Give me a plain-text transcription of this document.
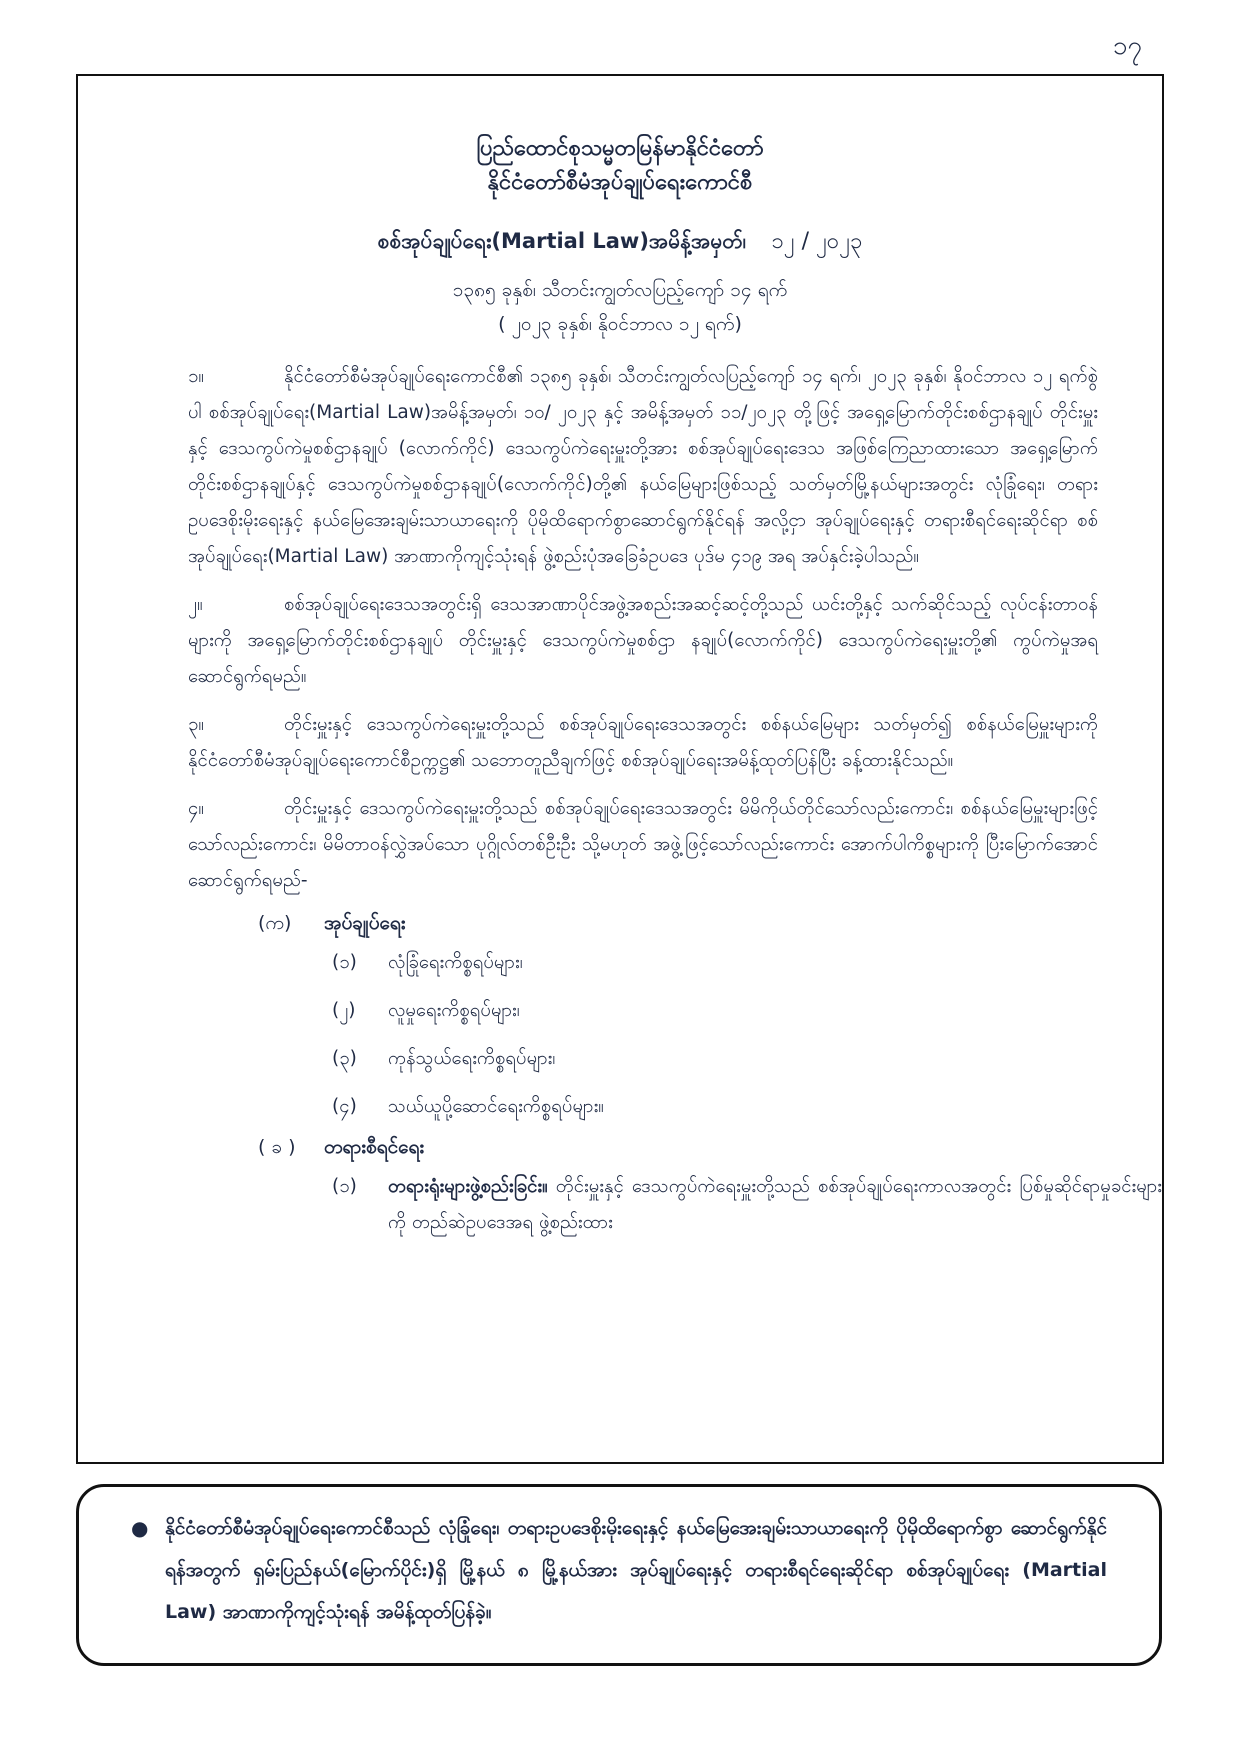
၁၇
ပြည်ထောင်စုသမ္မတမြန်မာနိုင်ငံတော်
နိုင်ငံတော်စီမံအုပ်ချုပ်ရေးကောင်စီ
စစ်အုပ်ချုပ်ရေး(Martial Law)အမိန့်အမှတ်၊ ၁၂ / ၂၀၂၃
၁၃၈၅ ခုနှစ်၊ သီတင်းကျွတ်လပြည့်ကျော် ၁၄ ရက်
( ၂၀၂၃ ခုနှစ်၊ နိုဝင်ဘာလ ၁၂ ရက်)

၁။	နိုင်ငံတော်စီမံအုပ်ချုပ်ရေးကောင်စီ၏ ၁၃၈၅ ခုနှစ်၊ သီတင်းကျွတ်လပြည့်ကျော် ၁၄ ရက်၊ ၂၀၂၃ ခုနှစ်၊ နိုဝင်ဘာလ ၁၂ ရက်စွဲပါ စစ်အုပ်ချုပ်ရေး(Martial Law)အမိန့်အမှတ်၊ ၁၀/ ၂၀၂၃ နှင့် အမိန့်အမှတ် ၁၁/၂၀၂၃ တို့ဖြင့် အရှေ့မြောက်တိုင်းစစ်ဌာနချုပ် တိုင်းမှူးနှင့် ဒေသကွပ်ကဲမှုစစ်ဌာနချုပ် (လောက်ကိုင်) ဒေသကွပ်ကဲရေးမှူးတို့အား စစ်အုပ်ချုပ်ရေးဒေသ အဖြစ်ကြေညာထားသော အရှေ့မြောက်တိုင်းစစ်ဌာနချုပ်နှင့် ဒေသကွပ်ကဲမှုစစ်ဌာနချုပ်(လောက်ကိုင်)တို့၏ နယ်မြေများဖြစ်သည့် သတ်မှတ်မြို့နယ်များအတွင်း လုံခြုံရေး၊ တရားဥပဒေစိုးမိုးရေးနှင့် နယ်မြေအေးချမ်းသာယာရေးကို ပိုမိုထိရောက်စွာဆောင်ရွက်နိုင်ရန် အလို့ငှာ အုပ်ချုပ်ရေးနှင့် တရားစီရင်ရေးဆိုင်ရာ စစ်အုပ်ချုပ်ရေး(Martial Law) အာဏာကိုကျင့်သုံးရန် ဖွဲ့စည်းပုံအခြေခံဥပဒေ ပုဒ်မ ၄၁၉ အရ အပ်နှင်းခဲ့ပါသည်။

၂။	စစ်အုပ်ချုပ်ရေးဒေသအတွင်းရှိ ဒေသအာဏာပိုင်အဖွဲ့အစည်းအဆင့်ဆင့်တို့သည် ယင်းတို့နှင့် သက်ဆိုင်သည့် လုပ်ငန်းတာဝန်များကို အရှေ့မြောက်တိုင်းစစ်ဌာနချုပ် တိုင်းမှူးနှင့် ဒေသကွပ်ကဲမှုစစ်ဌာ နချုပ်(လောက်ကိုင်) ဒေသကွပ်ကဲရေးမှူးတို့၏ ကွပ်ကဲမှုအရ ဆောင်ရွက်ရမည်။

၃။	တိုင်းမှူးနှင့် ဒေသကွပ်ကဲရေးမှူးတို့သည် စစ်အုပ်ချုပ်ရေးဒေသအတွင်း စစ်နယ်မြေများ သတ်မှတ်၍ စစ်နယ်မြေမှူးများကို နိုင်ငံတော်စီမံအုပ်ချုပ်ရေးကောင်စီဥက္ကဋ္ဌ၏ သဘောတူညီချက်ဖြင့် စစ်အုပ်ချုပ်ရေးအမိန့်ထုတ်ပြန်ပြီး ခန့်ထားနိုင်သည်။

၄။	တိုင်းမှူးနှင့် ဒေသကွပ်ကဲရေးမှူးတို့သည် စစ်အုပ်ချုပ်ရေးဒေသအတွင်း မိမိကိုယ်တိုင်သော်လည်းကောင်း၊ စစ်နယ်မြေမှူးများဖြင့်သော်လည်းကောင်း၊ မိမိတာဝန်လွှဲအပ်သော ပုဂ္ဂိုလ်တစ်ဦးဦး သို့မဟုတ် အဖွဲ့ဖြင့်သော်လည်းကောင်း အောက်ပါကိစ္စများကို ပြီးမြောက်အောင် ဆောင်ရွက်ရမည်-

(က) အုပ်ချုပ်ရေး
(၁) လုံခြုံရေးကိစ္စရပ်များ၊
(၂) လူမှုရေးကိစ္စရပ်များ၊
(၃) ကုန်သွယ်ရေးကိစ္စရပ်များ၊
(၄) သယ်ယူပို့ဆောင်ရေးကိစ္စရပ်များ။
( ခ ) တရားစီရင်ရေး
(၁)	တရားရုံးများဖွဲ့စည်းခြင်း။ တိုင်းမှူးနှင့် ဒေသကွပ်ကဲရေးမှူးတို့သည် စစ်အုပ်ချုပ်ရေးကာလအတွင်း ပြစ်မှုဆိုင်ရာမှုခင်းများကို တည်ဆဲဥပဒေအရ ဖွဲ့စည်းထား
● နိုင်ငံတော်စီမံအုပ်ချုပ်ရေးကောင်စီသည် လုံခြုံရေး၊ တရားဥပဒေစိုးမိုးရေးနှင့် နယ်မြေအေးချမ်းသာယာရေးကို ပိုမိုထိရောက်စွာ ဆောင်ရွက်နိုင်ရန်အတွက် ရှမ်းပြည်နယ်(မြောက်ပိုင်း)ရှိ မြို့နယ် ၈ မြို့နယ်အား အုပ်ချုပ်ရေးနှင့် တရားစီရင်ရေးဆိုင်ရာ စစ်အုပ်ချုပ်ရေး (Martial Law) အာဏာကိုကျင့်သုံးရန် အမိန့်ထုတ်ပြန်ခဲ့။
